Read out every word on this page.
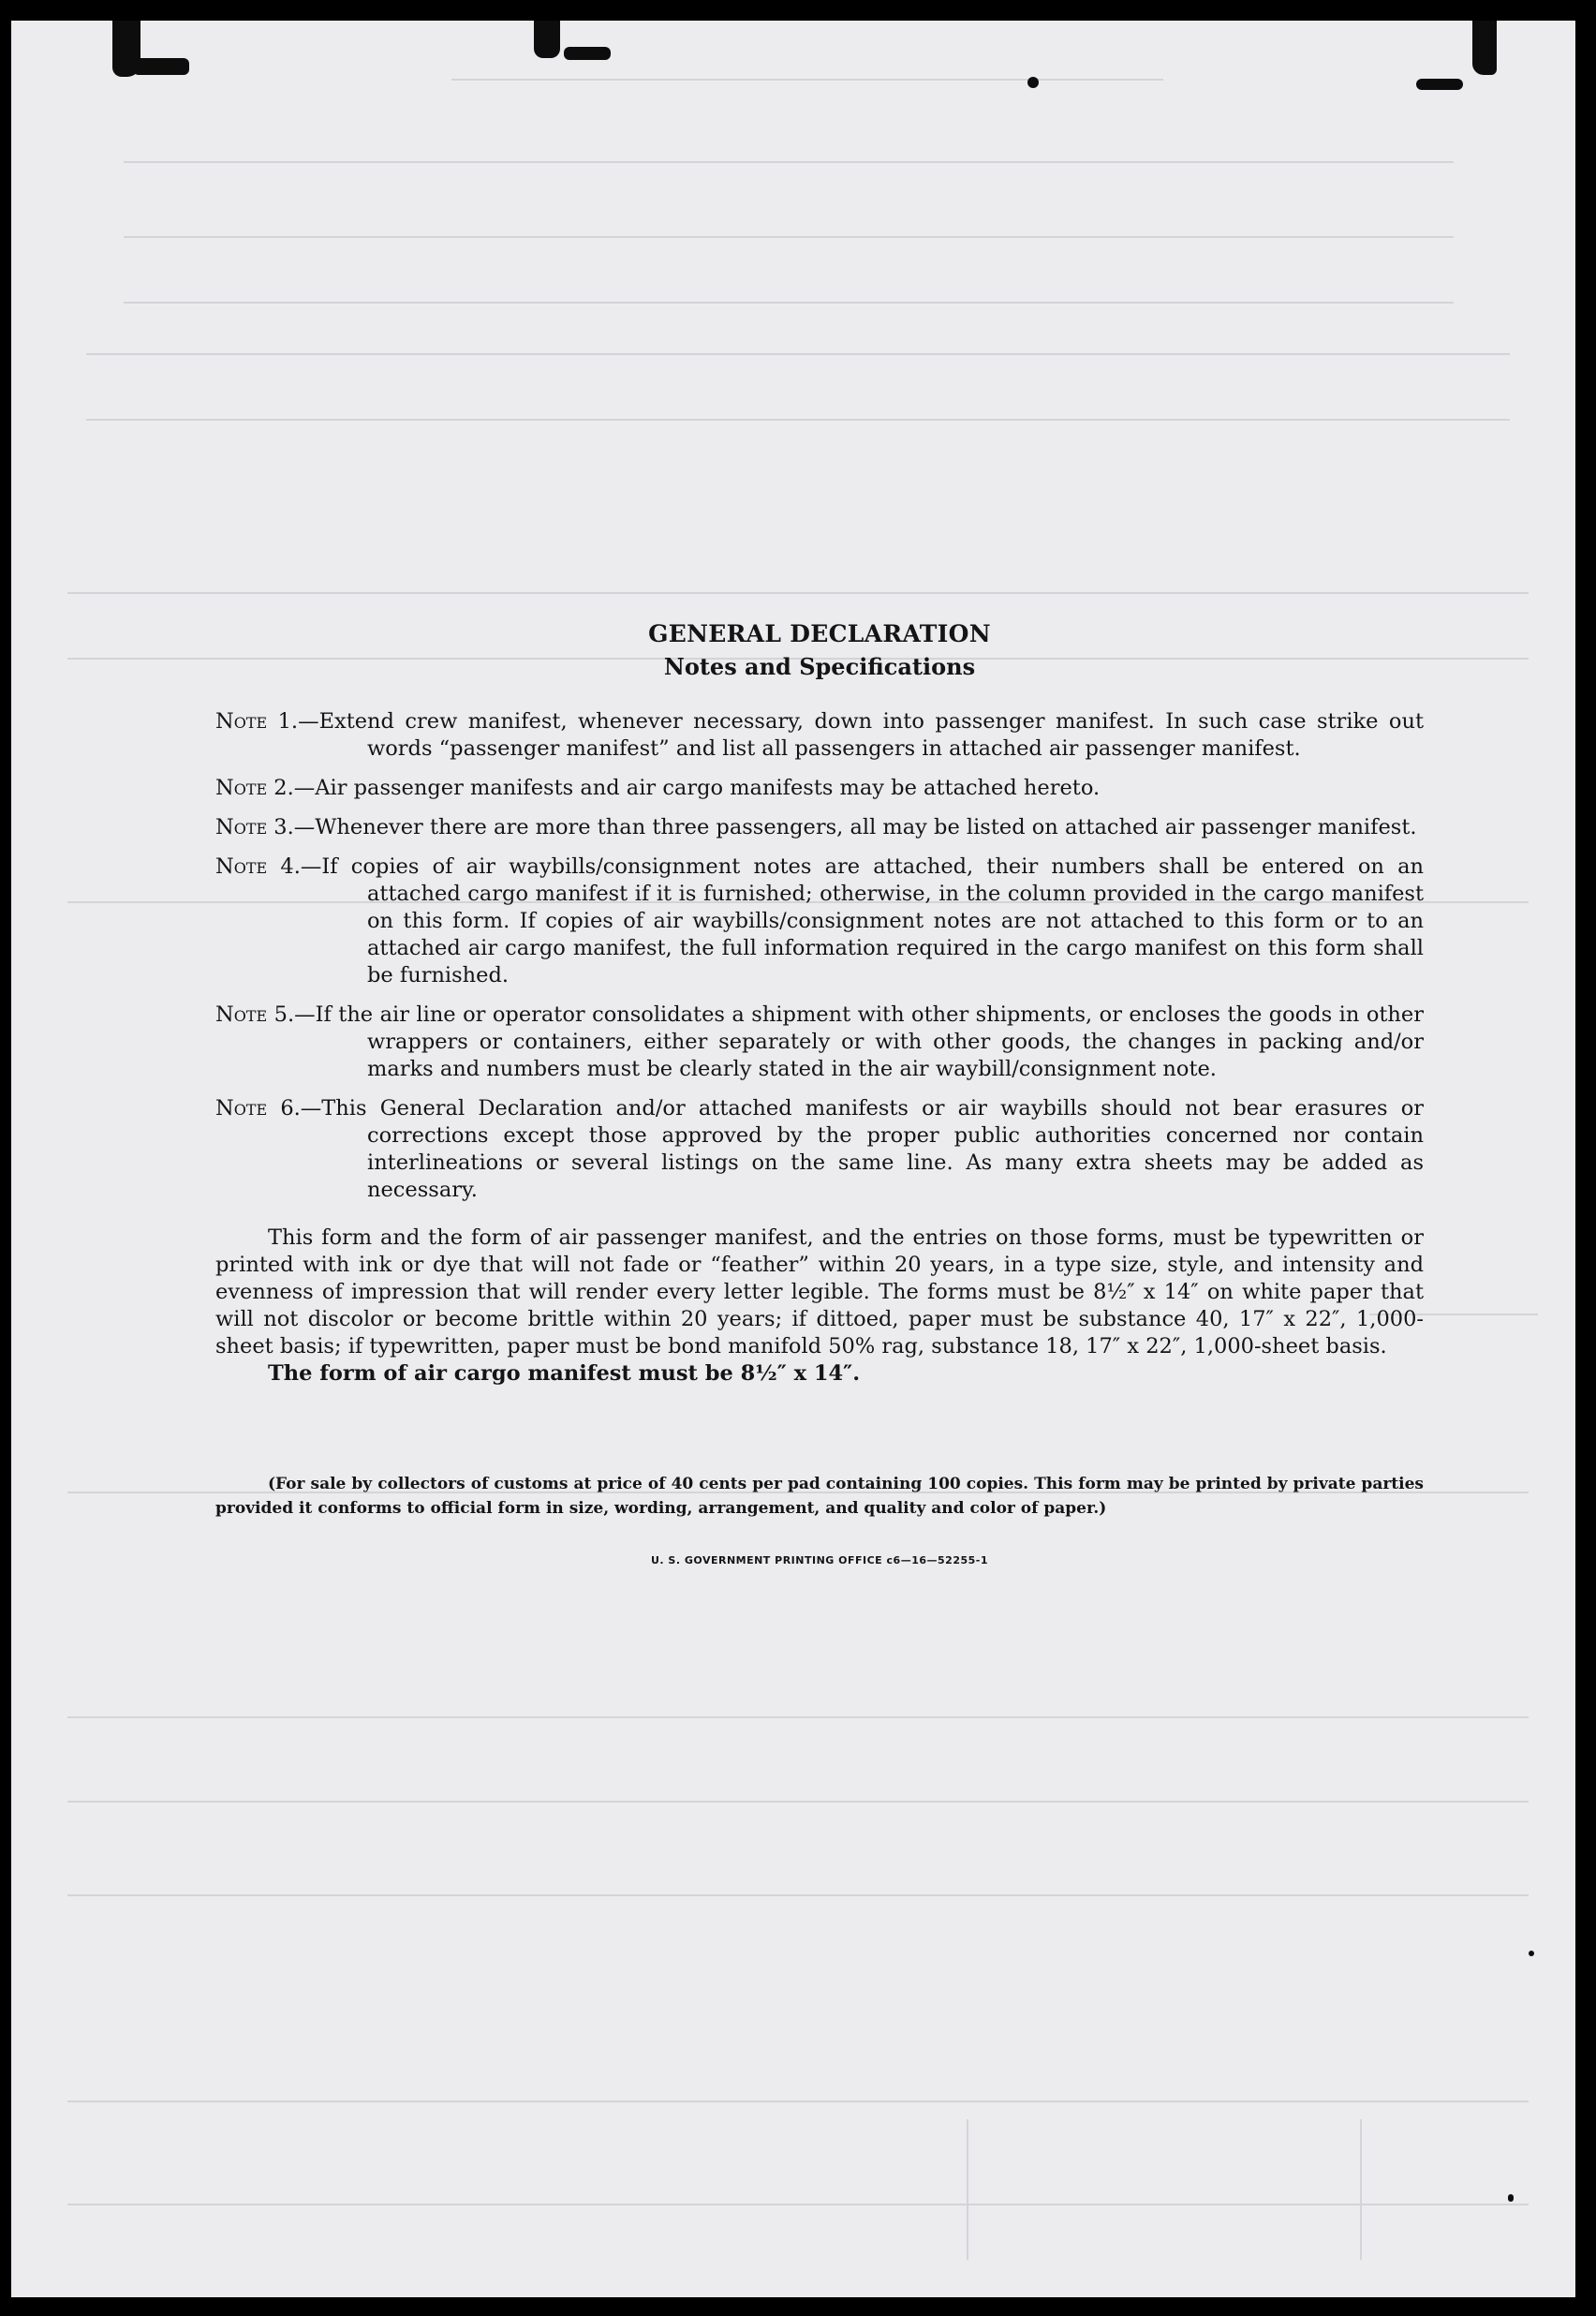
GENERAL DECLARATION
Notes and Specifications
Note 1.—Extend crew manifest, whenever necessary, down into passenger manifest. In such case strike out words “passenger manifest” and list all passengers in attached air passenger manifest.
Note 2.—Air passenger manifests and air cargo manifests may be attached hereto.
Note 3.—Whenever there are more than three passengers, all may be listed on attached air passenger manifest.
Note 4.—If copies of air waybills/consignment notes are attached, their numbers shall be entered on an attached cargo manifest if it is furnished; otherwise, in the column provided in the cargo manifest on this form. If copies of air waybills/consignment notes are not attached to this form or to an attached air cargo manifest, the full information required in the cargo manifest on this form shall be furnished.
Note 5.—If the air line or operator consolidates a shipment with other shipments, or encloses the goods in other wrappers or containers, either separately or with other goods, the changes in packing and/or marks and numbers must be clearly stated in the air waybill/consignment note.
Note 6.—This General Declaration and/or attached manifests or air waybills should not bear erasures or corrections except those approved by the proper public authorities concerned nor contain interlineations or several listings on the same line. As many extra sheets may be added as necessary.

This form and the form of air passenger manifest, and the entries on those forms, must be typewritten or printed with ink or dye that will not fade or “feather” within 20 years, in a type size, style, and intensity and evenness of impression that will render every letter legible. The forms must be 8½″ x 14″ on white paper that will not discolor or become brittle within 20 years; if dittoed, paper must be substance 40, 17″ x 22″, 1,000-sheet basis; if typewritten, paper must be bond manifold 50% rag, substance 18, 17″ x 22″, 1,000-sheet basis.

The form of air cargo manifest must be 8½″ x 14″.

(For sale by collectors of customs at price of 40 cents per pad containing 100 copies. This form may be printed by private parties provided it conforms to official form in size, wording, arrangement, and quality and color of paper.)

U. S. GOVERNMENT PRINTING OFFICE c6—16—52255-1
